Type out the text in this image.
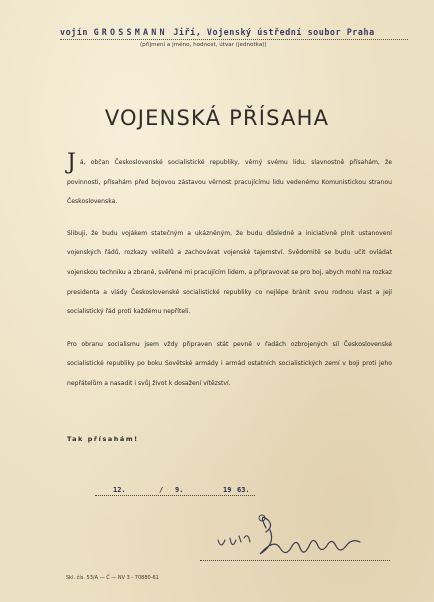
vojín GROSSMANN Jiří, Vojenský ústřední soubor Praha
(příjmení a jméno, hodnost, útvar (jednotka))
VOJENSKÁ PŘÍSAHA

Já, občan Československé socialistické republiky, věrný svému lidu, slavnostně přísahám, že povinnosti, přísahám před bojovou zástavou věrnost pracujícímu lidu vedenému Komunistickou stranou Československa.

Slibuji, že budu vojákem statečným a ukázněným, že budu důsledně a iniciativně plnit ustanovení vojenských řádů, rozkazy velitelů a zachovávat vojenské tajemství. Svědomitě se budu učit ovládat vojenskou techniku a zbraně, svěřené mi pracujícím lidem, a připravovat se pro boj, abych mohl na rozkaz presidenta a vlády Československé socialistické republiky co nejlépe bránit svou rodnou vlast a její socialistický řád proti každému nepříteli.

Pro obranu socialismu jsem vždy připraven stát pevně v řadách ozbrojených sil Československé socialistické republiky po boku Sovětské armády i armád ostatních socialistických zemí v boji proti jeho nepřátelům a nasadit i svůj život k dosažení vítězství.

Tak přísahám!
12.	/ 9.	19 63.
Skl. čís. 53/A — Č — NV 3 - 70880-61
